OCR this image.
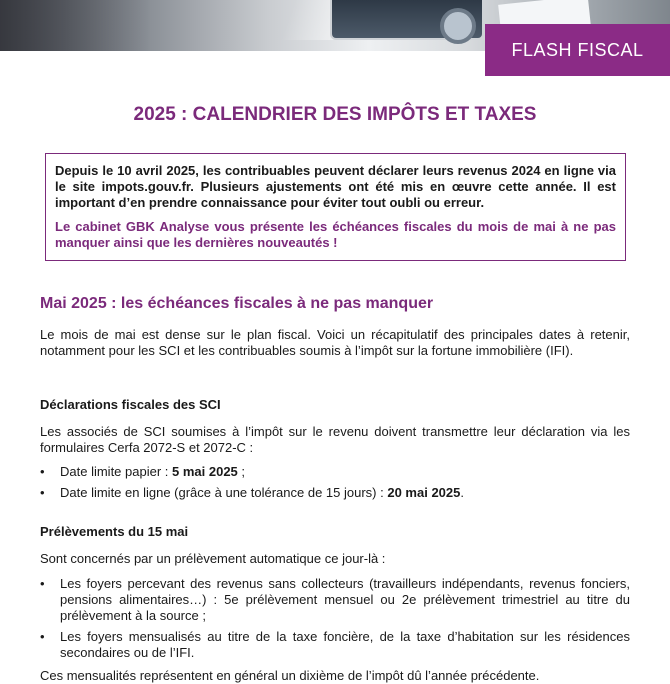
FLASH FISCAL
2025 : CALENDRIER DES IMPÔTS ET TAXES

Depuis le 10 avril 2025, les contribuables peuvent déclarer leurs revenus 2024 en ligne via le site impots.gouv.fr. Plusieurs ajustements ont été mis en œuvre cette année. Il est important d’en prendre connaissance pour éviter tout oubli ou erreur.

Le cabinet GBK Analyse vous présente les échéances fiscales du mois de mai à ne pas manquer ainsi que les dernières nouveautés !

Mai 2025 : les échéances fiscales à ne pas manquer

Le mois de mai est dense sur le plan fiscal. Voici un récapitulatif des principales dates à retenir, notamment pour les SCI et les contribuables soumis à l’impôt sur la fortune immobilière (IFI).

Déclarations fiscales des SCI

Les associés de SCI soumises à l’impôt sur le revenu doivent transmettre leur déclaration via les formulaires Cerfa 2072-S et 2072-C :

• Date limite papier : 5 mai 2025 ;
• Date limite en ligne (grâce à une tolérance de 15 jours) : 20 mai 2025.
Prélèvements du 15 mai

Sont concernés par un prélèvement automatique ce jour-là :

• Les foyers percevant des revenus sans collecteurs (travailleurs indépendants, revenus fonciers, pensions alimentaires…) : 5e prélèvement mensuel ou 2e prélèvement trimestriel au titre du prélèvement à la source ;
• Les foyers mensualisés au titre de la taxe foncière, de la taxe d’habitation sur les résidences secondaires ou de l’IFI.

Ces mensualités représentent en général un dixième de l’impôt dû l’année précédente.
